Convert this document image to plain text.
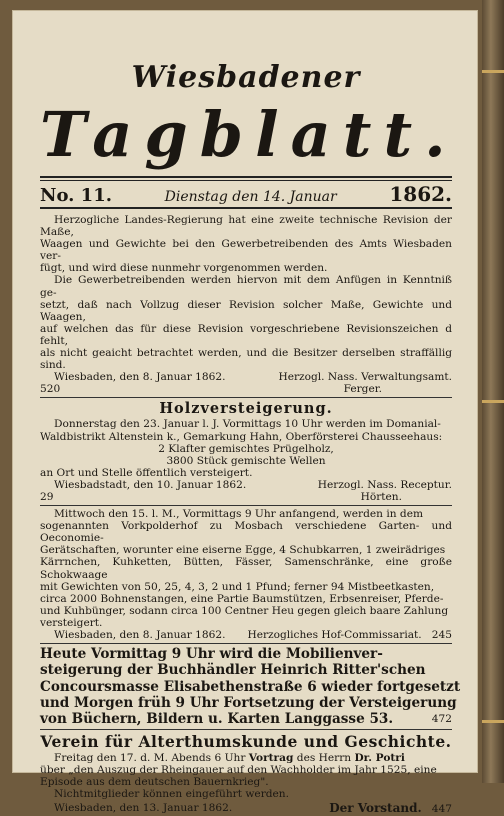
Wiesbadener
Tagblatt.
No. 11.	Dienstag den 14. Januar	1862.

Herzogliche Landes-Regierung hat eine zweite technische Revision der Maße,

Waagen und Gewichte bei den Gewerbetreibenden des Amts Wiesbaden ver-

fügt, und wird diese nunmehr vorgenommen werden.

Die Gewerbetreibenden werden hiervon mit dem Anfügen in Kenntniß ge-

setzt, daß nach Vollzug dieser Revision solcher Maße, Gewichte und Waagen,

auf welchen das für diese Revision vorgeschriebene Revisionszeichen d fehlt,

als nicht geaicht betrachtet werden, und die Besitzer derselben straffällig sind.

Wiesbaden, den 8. Januar 1862.	Herzogl. Nass. Verwaltungsamt.
520	Ferger.
Holzversteigerung.

Donnerstag den 23. Januar l. J. Vormittags 10 Uhr werden im Domanial-

Waldbistrikt Altenstein k., Gemarkung Hahn, Oberförsterei Chausseehaus:

2 Klafter gemischtes Prügelholz,

3800 Stück gemischte Wellen

an Ort und Stelle öffentlich versteigert.

Wiesbadstadt, den 10. Januar 1862.	Herzogl. Nass. Receptur.
29	Hörten.

Mittwoch den 15. l. M., Vormittags 9 Uhr anfangend, werden in dem

sogenannten Vorkpolderhof zu Mosbach verschiedene Garten- und Oeconomie-

Gerätschaften, worunter eine eiserne Egge, 4 Schubkarren, 1 zweirädriges

Kärrnchen, Kuhketten, Bütten, Fässer, Samenschränke, eine große Schokwaage

mit Gewichten von 50, 25, 4, 3, 2 und 1 Pfund; ferner 94 Mistbeetkasten,

circa 2000 Bohnenstangen, eine Partie Baumstützen, Erbsenreiser, Pferde-

und Kuhbünger, sodann circa 100 Centner Heu gegen gleich baare Zahlung

versteigert.

Wiesbaden, den 8. Januar 1862. Herzogliches Hof-Commissariat. 245

Heute Vormittag 9 Uhr wird die Mobilienver-

steigerung der Buchhändler Heinrich Ritter'schen

Concoursmasse Elisabethenstraße 6 wieder fortgesetzt

und Morgen früh 9 Uhr Fortsetzung der Versteigerung

von Büchern, Bildern u. Karten Langgasse 53.	472
Verein für Alterthumskunde und Geschichte.

Freitag den 17. d. M. Abends 6 Uhr Vortrag des Herrn Dr. Potri

über „den Auszug der Rheingauer auf den Wachholder im Jahr 1525, eine

Episode aus dem deutschen Bauernkrieg".

Nichtmitglieder können eingeführt werden.

Wiesbaden, den 13. Januar 1862.	Der Vorstand. 447
